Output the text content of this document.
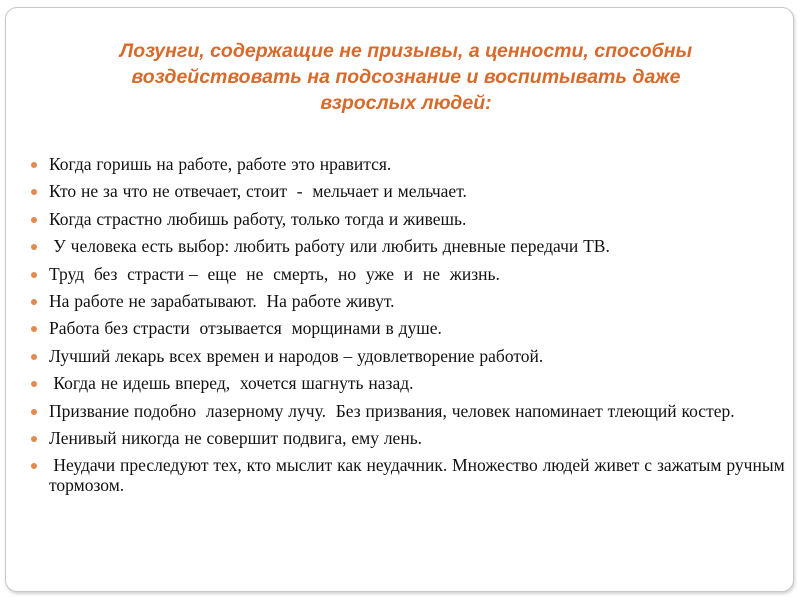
Лозунги, содержащие не призывы, а ценности, способны
воздействовать на подсознание и воспитывать даже
взрослых людей:
Когда горишь на работе, работе это нравится.
Кто не за что не отвечает, стоит  -  мельчает и мельчает.
Когда страстно любишь работу, только тогда и живешь.
У человека есть выбор: любить работу или любить дневные передачи ТВ.
Труд  без  страсти –  еще  не  смерть,  но  уже  и  не  жизнь.
На работе не зарабатывают.  На работе живут.
Работа без страсти  отзывается  морщинами в душе.
Лучший лекарь всех времен и народов – удовлетворение работой.
Когда не идешь вперед,  хочется шагнуть назад.
Призвание подобно  лазерному лучу.  Без призвания, человек напоминает тлеющий костер.
Ленивый никогда не совершит подвига, ему лень.
Неудачи преследуют тех, кто мыслит как неудачник. Множество людей живет с зажатым ручным тормозом.
